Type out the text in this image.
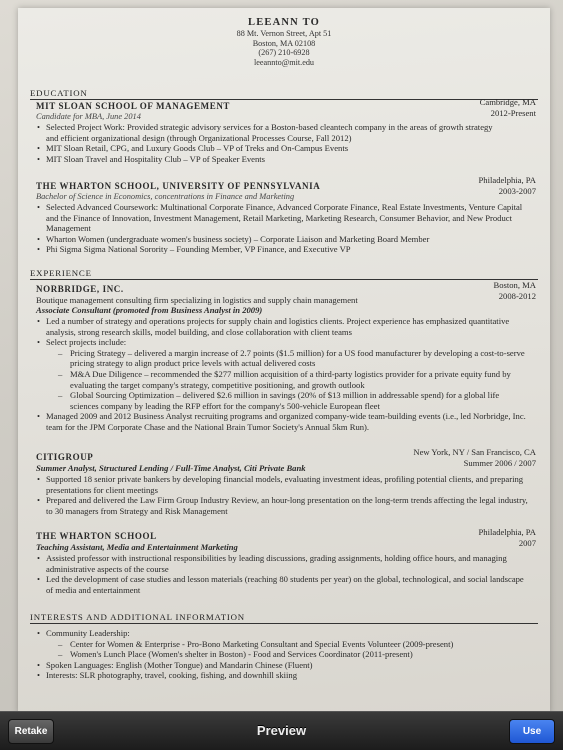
LEEANN TO
88 Mt. Vernon Street, Apt 51
Boston, MA 02108
(267) 210-6928
leeannto@mit.edu
EDUCATION
MIT SLOAN SCHOOL OF MANAGEMENT	Cambridge, MA
2012-Present
Candidate for MBA, June 2014
• Selected Project Work: Provided strategic advisory services for a Boston-based cleantech company in the areas of growth strategy and efficient organizational design (through Organizational Processes Course, Fall 2012)
• MIT Sloan Retail, CPG, and Luxury Goods Club – VP of Treks and On-Campus Events
• MIT Sloan Travel and Hospitality Club – VP of Speaker Events
THE WHARTON SCHOOL, UNIVERSITY OF PENNSYLVANIA
Philadelphia, PA
2003-2007
Bachelor of Science in Economics, concentrations in Finance and Marketing
• Selected Advanced Coursework: Multinational Corporate Finance, Advanced Corporate Finance, Real Estate Investments, Venture Capital and the Finance of Innovation, Investment Management, Retail Marketing, Marketing Research, Consumer Behavior, and New Product Management
• Wharton Women (undergraduate women's business society) – Corporate Liaison and Marketing Board Member
• Phi Sigma Sigma National Sorority – Founding Member, VP Finance, and Executive VP
EXPERIENCE
NORBRIDGE, INC.	Boston, MA
2008-2012
Boutique management consulting firm specializing in logistics and supply chain management
Associate Consultant (promoted from Business Analyst in 2009)
• Led a number of strategy and operations projects for supply chain and logistics clients. Project experience has emphasized quantitative analysis, strong research skills, model building, and close collaboration with client teams
• Select projects include:
– Pricing Strategy – delivered a margin increase of 2.7 points ($1.5 million) for a US food manufacturer by developing a cost-to-serve pricing strategy to align product price levels with actual delivered costs
– M&A Due Diligence – recommended the $277 million acquisition of a third-party logistics provider for a private equity fund by evaluating the target company's strategy, competitive positioning, and growth outlook
– Global Sourcing Optimization – delivered $2.6 million in savings (20% of $13 million in addressable spend) for a global life sciences company by leading the RFP effort for the company's 500-vehicle European fleet
• Managed 2009 and 2012 Business Analyst recruiting programs and organized company-wide team-building events (i.e., led Norbridge, Inc. team for the JPM Corporate Chase and the National Brain Tumor Society's Annual 5km Run).
CITIGROUP	New York, NY / San Francisco, CA
Summer 2006 / 2007
Summer Analyst, Structured Lending / Full-Time Analyst, Citi Private Bank
• Supported 18 senior private bankers by developing financial models, evaluating investment ideas, profiling potential clients, and preparing presentations for client meetings
• Prepared and delivered the Law Firm Group Industry Review, an hour-long presentation on the long-term trends affecting the legal industry, to 30 managers from Strategy and Risk Management
THE WHARTON SCHOOL	Philadelphia, PA
2007
Teaching Assistant, Media and Entertainment Marketing
• Assisted professor with instructional responsibilities by leading discussions, grading assignments, holding office hours, and managing administrative aspects of the course
• Led the development of case studies and lesson materials (reaching 80 students per year) on the global, technological, and social landscape of media and entertainment
INTERESTS AND ADDITIONAL INFORMATION
• Community Leadership:
– Center for Women & Enterprise - Pro-Bono Marketing Consultant and Special Events Volunteer (2009-present)
– Women's Lunch Place (Women's shelter in Boston) - Food and Services Coordinator (2011-present)
• Spoken Languages: English (Mother Tongue) and Mandarin Chinese (Fluent)
• Interests: SLR photography, travel, cooking, fishing, and downhill skiing
Retake	Preview	Use
